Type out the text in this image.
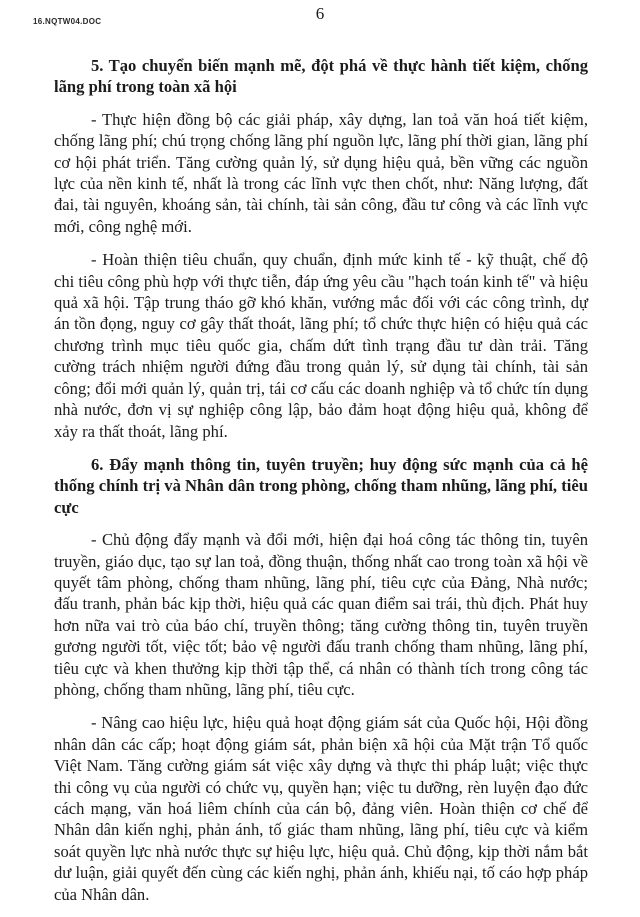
16.NQTW04.DOC	6
5. Tạo chuyển biến mạnh mẽ, đột phá về thực hành tiết kiệm, chống lãng phí trong toàn xã hội

- Thực hiện đồng bộ các giải pháp, xây dựng, lan toả văn hoá tiết kiệm, chống lãng phí; chú trọng chống lãng phí nguồn lực, lãng phí thời gian, lãng phí cơ hội phát triển. Tăng cường quản lý, sử dụng hiệu quả, bền vững các nguồn lực của nền kinh tế, nhất là trong các lĩnh vực then chốt, như: Năng lượng, đất đai, tài nguyên, khoáng sản, tài chính, tài sản công, đầu tư công và các lĩnh vực mới, công nghệ mới.

- Hoàn thiện tiêu chuẩn, quy chuẩn, định mức kinh tế - kỹ thuật, chế độ chi tiêu công phù hợp với thực tiễn, đáp ứng yêu cầu "hạch toán kinh tế" và hiệu quả xã hội. Tập trung tháo gỡ khó khăn, vướng mắc đối với các công trình, dự án tồn đọng, nguy cơ gây thất thoát, lãng phí; tổ chức thực hiện có hiệu quả các chương trình mục tiêu quốc gia, chấm dứt tình trạng đầu tư dàn trải. Tăng cường trách nhiệm người đứng đầu trong quản lý, sử dụng tài chính, tài sản công; đổi mới quản lý, quản trị, tái cơ cấu các doanh nghiệp và tổ chức tín dụng nhà nước, đơn vị sự nghiệp công lập, bảo đảm hoạt động hiệu quả, không để xảy ra thất thoát, lãng phí.

6. Đẩy mạnh thông tin, tuyên truyền; huy động sức mạnh của cả hệ thống chính trị và Nhân dân trong phòng, chống tham nhũng, lãng phí, tiêu cực

- Chủ động đẩy mạnh và đổi mới, hiện đại hoá công tác thông tin, tuyên truyền, giáo dục, tạo sự lan toả, đồng thuận, thống nhất cao trong toàn xã hội về quyết tâm phòng, chống tham nhũng, lãng phí, tiêu cực của Đảng, Nhà nước; đấu tranh, phản bác kịp thời, hiệu quả các quan điểm sai trái, thù địch. Phát huy hơn nữa vai trò của báo chí, truyền thông; tăng cường thông tin, tuyên truyền gương người tốt, việc tốt; bảo vệ người đấu tranh chống tham nhũng, lãng phí, tiêu cực và khen thưởng kịp thời tập thể, cá nhân có thành tích trong công tác phòng, chống tham nhũng, lãng phí, tiêu cực.

- Nâng cao hiệu lực, hiệu quả hoạt động giám sát của Quốc hội, Hội đồng nhân dân các cấp; hoạt động giám sát, phản biện xã hội của Mặt trận Tổ quốc Việt Nam. Tăng cường giám sát việc xây dựng và thực thi pháp luật; việc thực thi công vụ của người có chức vụ, quyền hạn; việc tu dưỡng, rèn luyện đạo đức cách mạng, văn hoá liêm chính của cán bộ, đảng viên. Hoàn thiện cơ chế để Nhân dân kiến nghị, phản ánh, tố giác tham nhũng, lãng phí, tiêu cực và kiểm soát quyền lực nhà nước thực sự hiệu lực, hiệu quả. Chủ động, kịp thời nắm bắt dư luận, giải quyết đến cùng các kiến nghị, phản ánh, khiếu nại, tố cáo hợp pháp của Nhân dân.
